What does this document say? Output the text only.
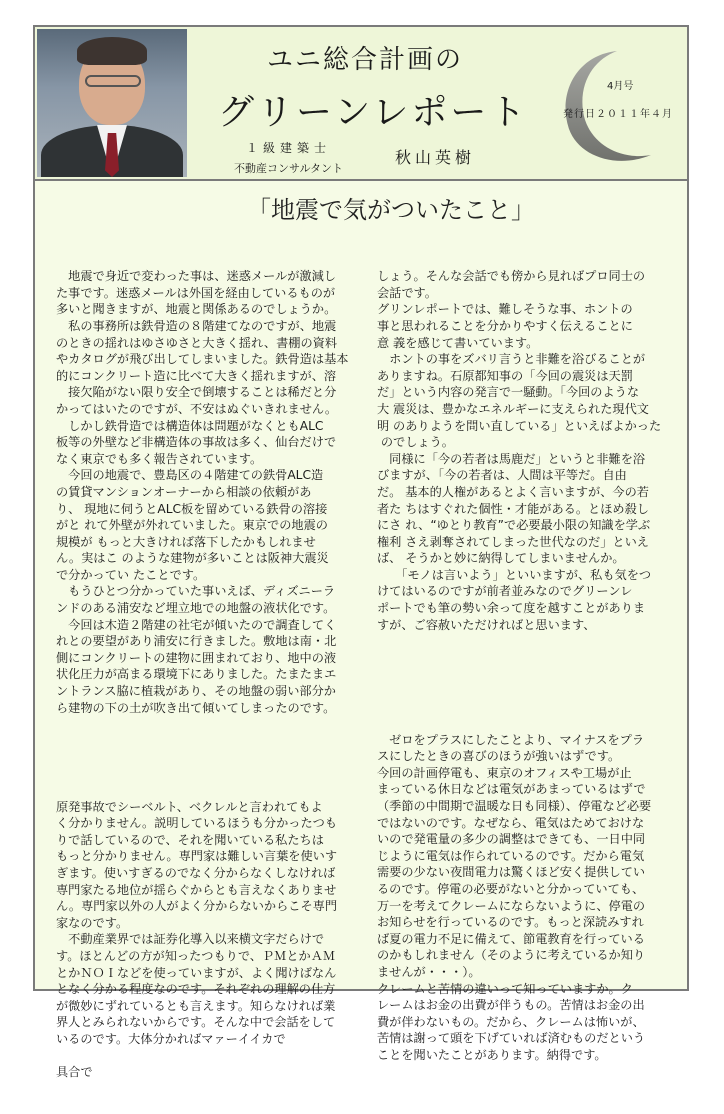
ユニ総合計画の
グリーンレポート
１級建築士
不動産コンサルタント
秋山英樹
4月号
発行日２０１１年４月
「地震で気がついたこと」

　地震で身近で変わった事は、迷惑メールが激減し
た事です。迷惑メールは外国を経由しているものが
多いと聞きますが、地震と関係あるのでしょうか。
　私の事務所は鉄骨造の８階建てなのですが、地震
のときの揺れはゆさゆさと大きく揺れ、書棚の資料
やカタログが飛び出してしまいました。鉄骨造は基本
的にコンクリート造に比べて大きく揺れますが、溶
　接欠陥がない限り安全で倒壊することは稀だと分
かってはいたのですが、不安はぬぐいきれません。
　しかし鉄骨造では構造体は問題がなくともALC
板等の外壁など非構造体の事故は多く、仙台だけで
なく東京でも多く報告されています。
　今回の地震で、豊島区の４階建ての鉄骨ALC造
の賃貸マンションオーナーから相談の依頼があ
り、 現地に伺うとALC板を留めている鉄骨の溶接
がと れて外壁が外れていました。東京での地震の
規模が もっと大きければ落下したかもしれませ
ん。実はこ のような建物が多いことは阪神大震災
で分かってい たことです。
　もうひとつ分かっていた事いえば、ディズニーラ
ンドのある浦安など埋立地での地盤の液状化です。
　今回は木造２階建の社宅が傾いたので調査してく
れとの要望があり浦安に行きました。敷地は南・北
側にコンクリートの建物に囲まれており、地中の液
状化圧力が高まる環境下にありました。たまたまエ
ントランス脇に植栽があり、その地盤の弱い部分か
ら建物の下の土が吹き出て傾いてしまったのです。

原発事故でシーベルト、ベクレルと言われてもよ
く分かりません。説明しているほうも分かったつも
りで話しているので、それを聞いている私たちは
もっと分かりません。専門家は難しい言葉を使いす
ぎます。使いすぎるのでなく分からなくしなければ
専門家たる地位が揺らぐからとも言えなくありませ
ん。専門家以外の人がよく分からないからこそ専門
家なのです。
　不動産業界では証券化導入以来横文字だらけで
す。ほとんどの方が知ったつもりで、ＰＭとかＡＭ
とかＮＯＩなどを使っていますが、よく聞けばなん
となく分かる程度なのです。それぞれの理解の仕方
が微妙にずれているとも言えます。知らなければ業
界人とみられないからです。そんな中で会話をして
いるのです。大体分かればマァーイイカで

具合で

しょう。そんな会話でも傍から見ればプロ同士の
会話です。
グリンレポートでは、難しそうな事、ホントの
事と思われることを分かりやすく伝えることに
意 義を感じて書いています。
　ホントの事をズバリ言うと非難を浴びることが
ありますね。石原都知事の「今回の震災は天罰
だ」という内容の発言で一騒動。「今回のような
大 震災は、豊かなエネルギーに支えられた現代文
明 のありようを問い直している」といえばよかった
のでしょう。
　同様に「今の若者は馬鹿だ」というと非難を浴
びますが、「今の若者は、人間は平等だ。自由
だ。 基本的人権があるとよく言いますが、今の若
者た ちはすぐれた個性・才能がある。とほめ殺し
にさ れ、“ゆとり教育”で必要最小限の知識を学ぶ
権利 さえ剥奪されてしまった世代なのだ」といえ
ば、 そうかと妙に納得してしまいませんか。
　　「モノは言いよう」といいますが、私も気をつ
けてはいるのですが前者並みなのでグリーンレ
ポートでも筆の勢い余って度を越すことがありま
すが、ご容赦いただければと思います、

　ゼロをプラスにしたことより、マイナスをプラ
スにしたときの喜びのほうが強いはずです。
今回の計画停電も、東京のオフィスや工場が止
まっている休日などは電気があまっているはずで
（季節の中間期で温暖な日も同様）、停電など必要
ではないのです。なぜなら、電気はためておけな
いので発電量の多少の調整はできても、一日中同
じように電気は作られているのです。だから電気
需要の少ない夜間電力は驚くほど安く提供してい
るのです。停電の必要がないと分かっていても、
万一を考えてクレームにならないように、停電の
お知らせを行っているのです。もっと深読みすれ
ば夏の電力不足に備えて、節電教育を行っている
のかもしれません（そのように考えているか知り
ませんが・・・）。
クレームと苦情の違いって知っていますか。ク
レームはお金の出費が伴うもの。苦情はお金の出
費が伴わないもの。だから、クレームは怖いが、
苦情は謝って頭を下げていれば済むものだという
ことを聞いたことがあります。納得です。
